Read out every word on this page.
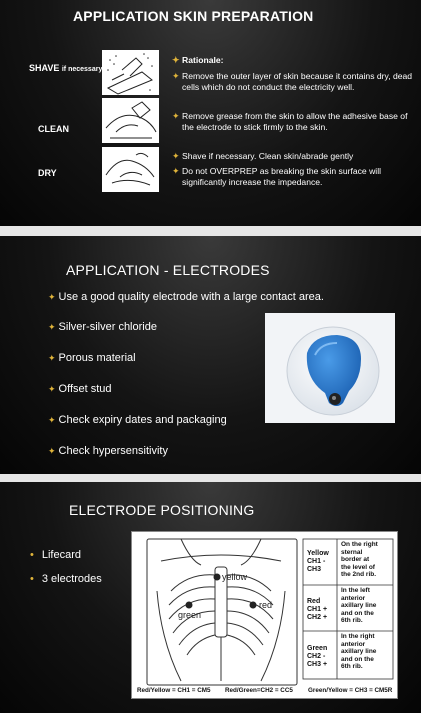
APPLICATION SKIN PREPARATION
SHAVE if necessary
CLEAN
DRY
✦ Rationale:
✦ Remove the outer layer of skin because it contains dry, dead cells which do not conduct the electricity well.
✦ Remove grease from the skin to allow the adhesive base of the electrode to stick firmly to the skin.
✦ Shave if necessary. Clean skin/abrade gently
✦ Do not OVERPREP as breaking the skin surface will significantly increase the impedance.
APPLICATION - ELECTRODES
✦ Use a good quality electrode with a large contact area.
✦ Silver-silver chloride
✦ Porous material
✦ Offset stud
✦ Check expiry dates and packaging
✦ Check hypersensitivity
ELECTRODE POSITIONING
• Lifecard
• 3 electrodes	yellow
red
green
Yellow
CH1 -
CH3
On the right
sternal
border at
the level of
the 2nd rib.
Red
CH1 +
CH2 +
In the left
anterior
axillary line
and on the
6th rib.
Green
CH2 -
CH3 +
In the right
anterior
axillary line
and on the
6th rib.
Red/Yellow = CH1 = CM5 Red/Green=CH2 = CC5 Green/Yellow = CH3 = CM5R
